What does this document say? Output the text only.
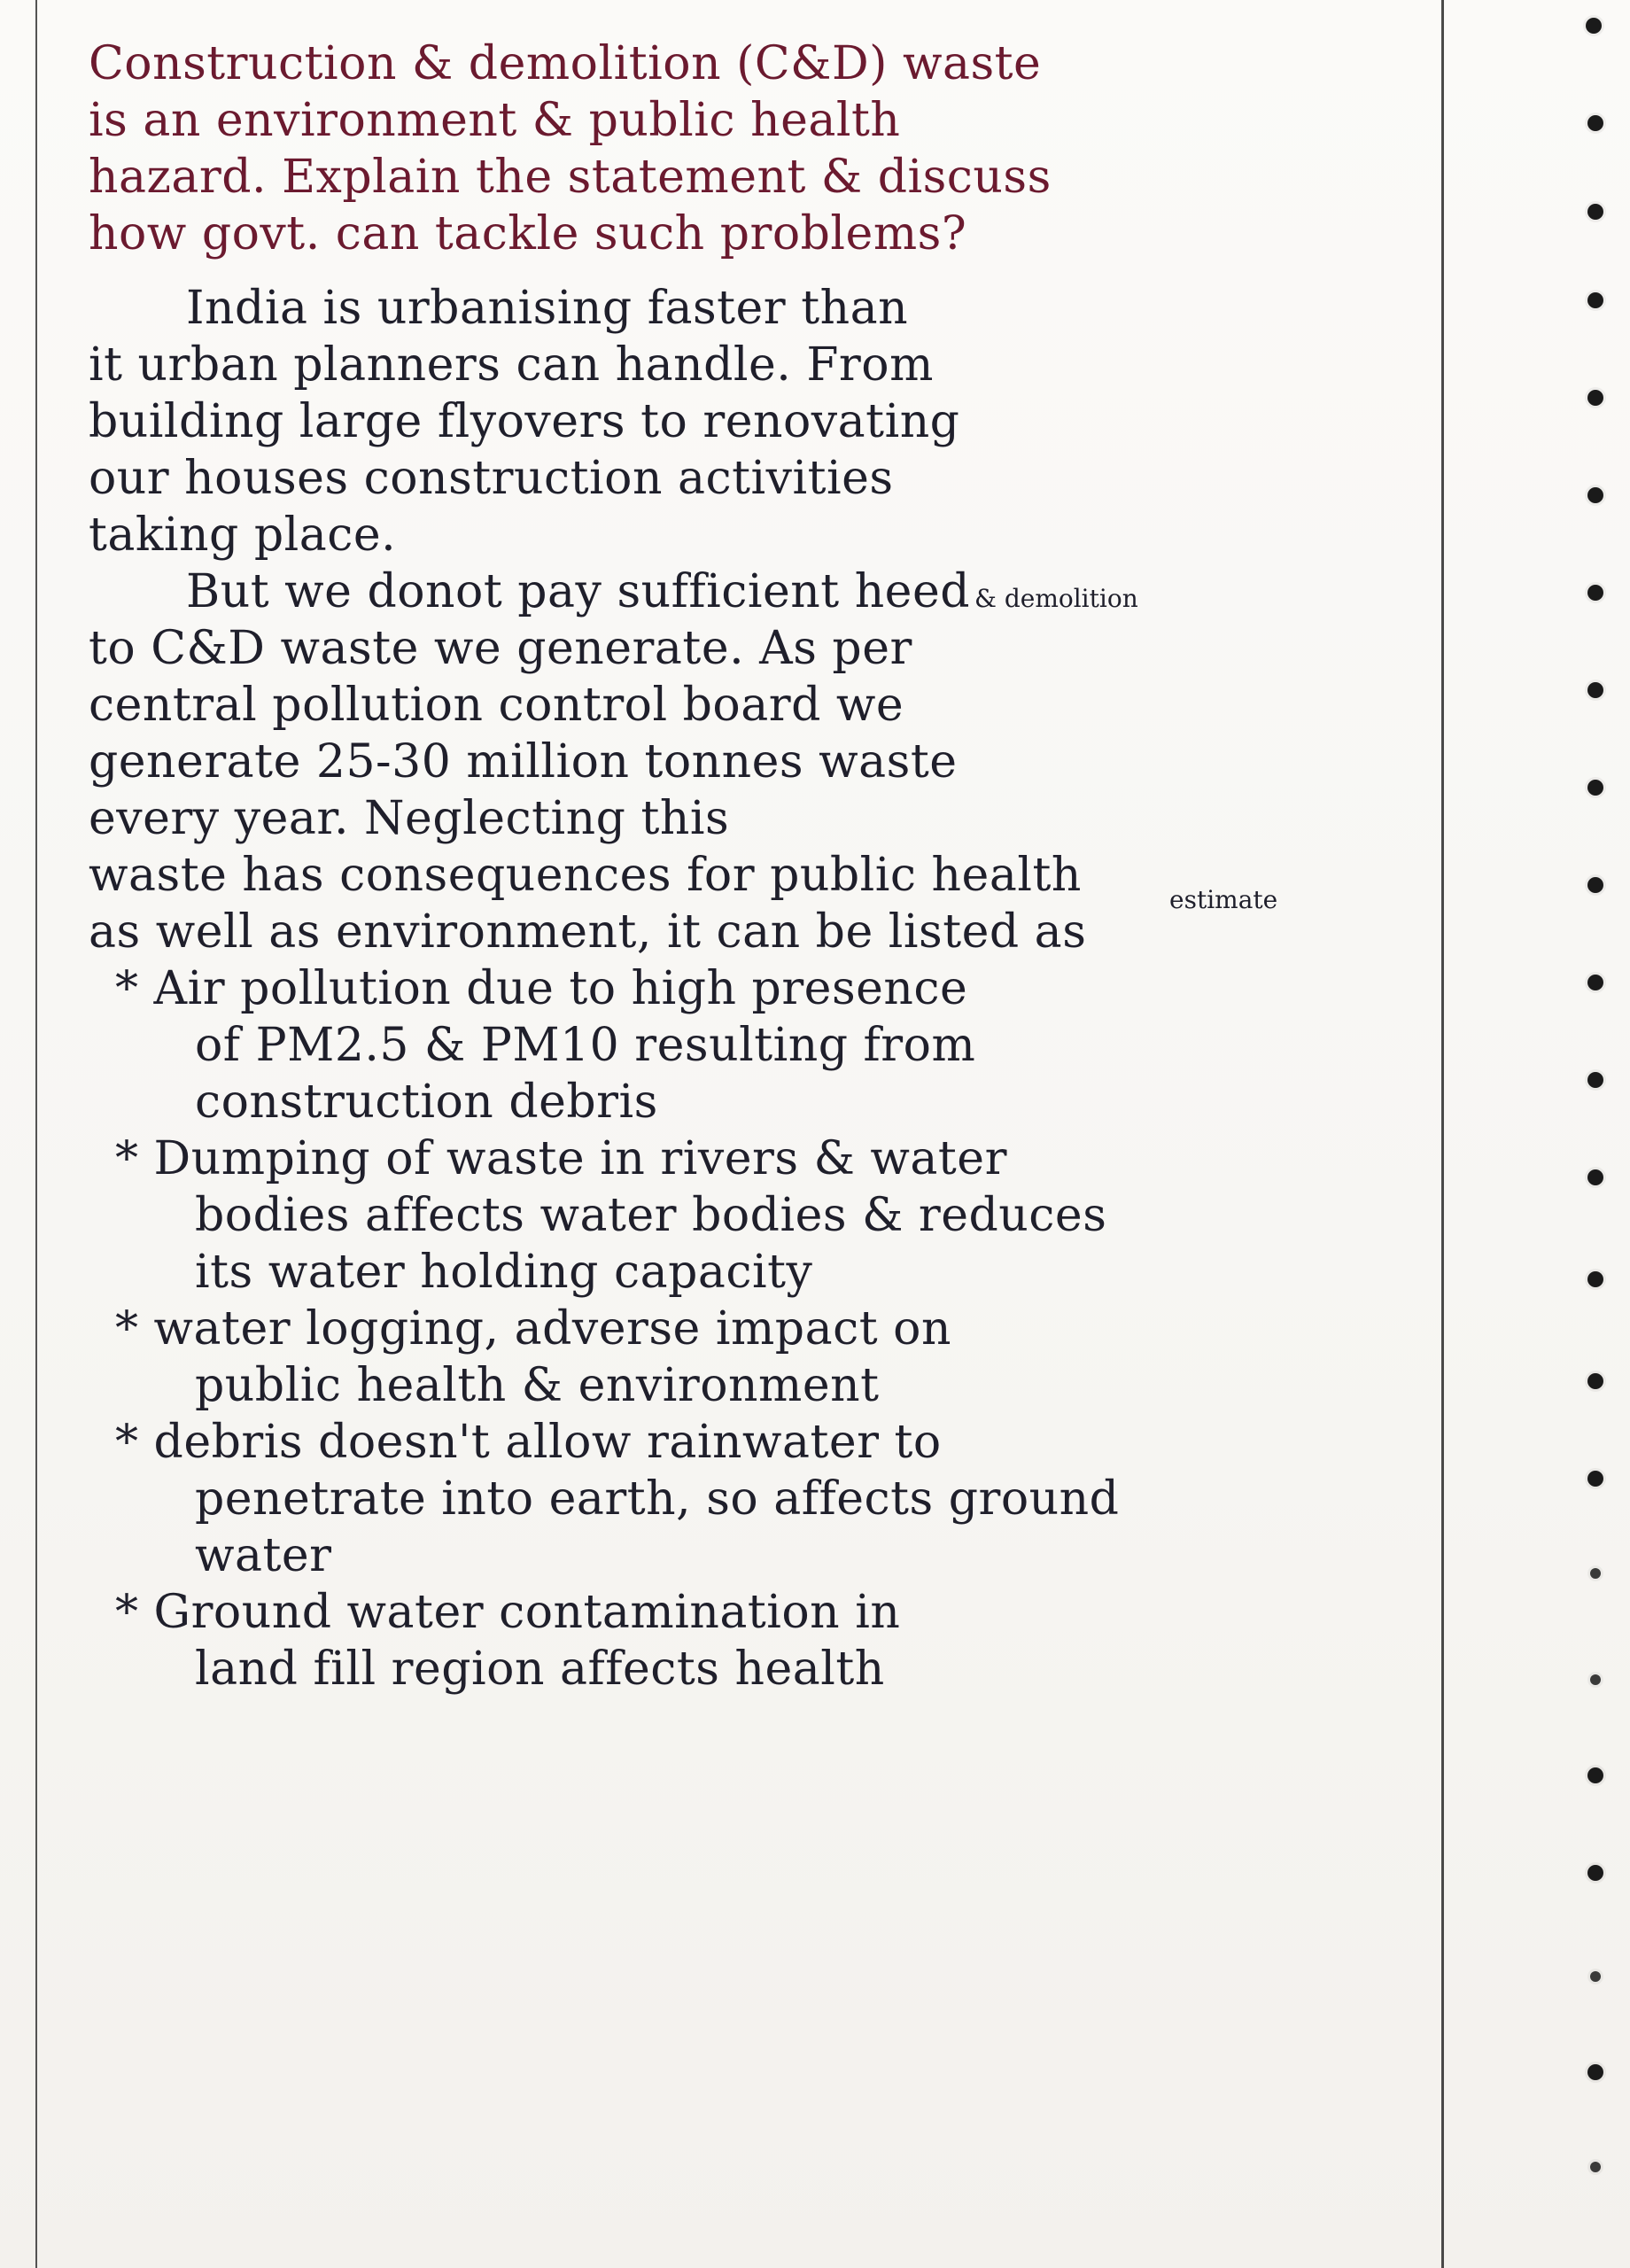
Construction & demolition (C&D) waste
is an environment & public health
hazard. Explain the statement & discuss
how govt. can tackle such problems?
India is urbanising faster than
it urban planners can handle. From
building large flyovers to renovating
our houses construction activities
taking place.
But we donot pay sufficient heed
to C&D waste we generate. As per
central pollution control board we
generate 25-30 million tonnes waste
every year. Neglecting this
waste has consequences for public health
as well as environment, it can be listed as
* Air pollution due to high presence
of PM2.5 & PM10 resulting from
construction debris
* Dumping of waste in rivers & water
bodies affects water bodies & reduces
its water holding capacity
* water logging, adverse impact on
public health & environment
* debris doesn't allow rainwater to
penetrate into earth, so affects ground
water
* Ground water contamination in
land fill region affects health
& demolition
estimate
